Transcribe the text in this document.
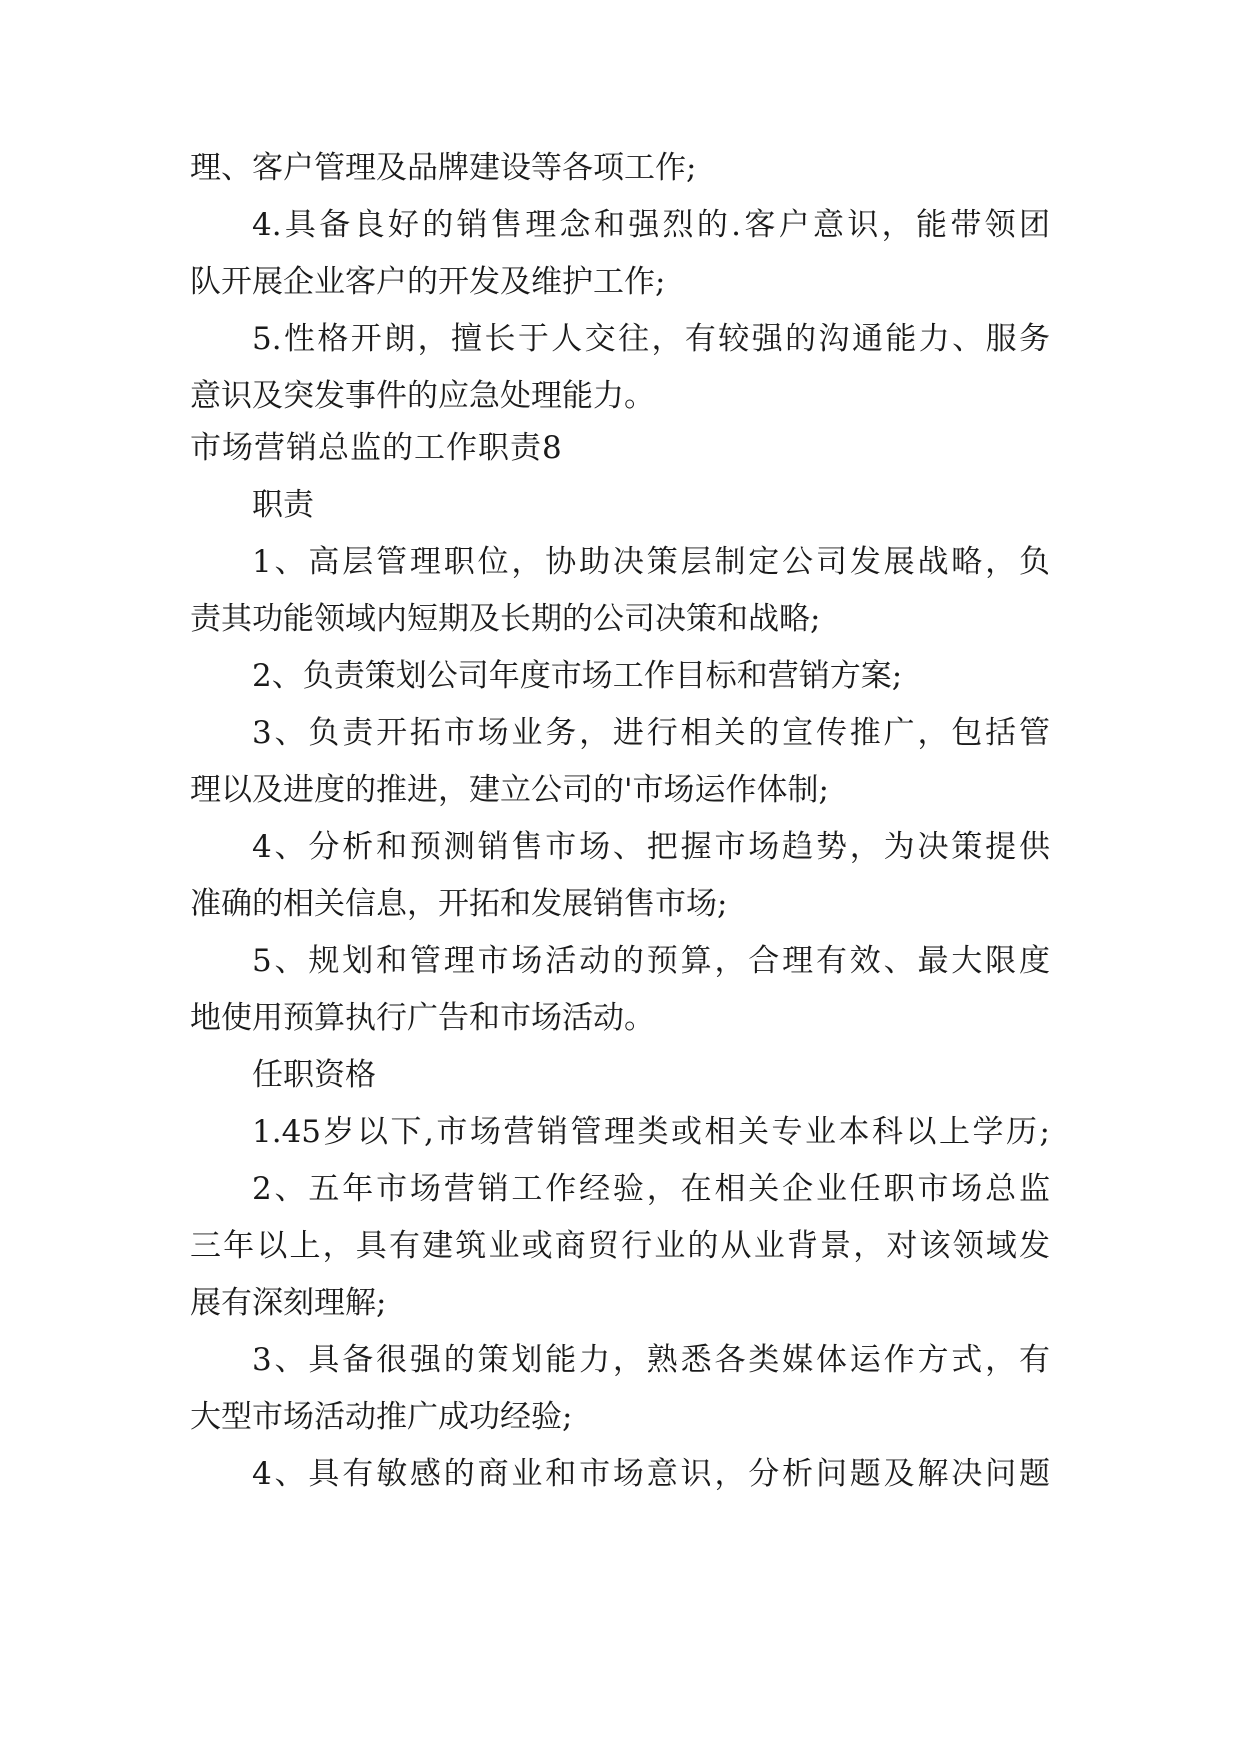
理、客户管理及品牌建设等各项工作;
4.具备良好的销售理念和强烈的.客户意识，能带领团
队开展企业客户的开发及维护工作;
5.性格开朗，擅长于人交往，有较强的沟通能力、服务
意识及突发事件的应急处理能力。
市场营销总监的工作职责8
职责
1、高层管理职位，协助决策层制定公司发展战略，负
责其功能领域内短期及长期的公司决策和战略;
2、负责策划公司年度市场工作目标和营销方案;
3、负责开拓市场业务，进行相关的宣传推广，包括管
理以及进度的推进，建立公司的'市场运作体制;
4、分析和预测销售市场、把握市场趋势，为决策提供
准确的相关信息，开拓和发展销售市场;
5、规划和管理市场活动的预算，合理有效、最大限度
地使用预算执行广告和市场活动。
任职资格
1.45岁以下,市场营销管理类或相关专业本科以上学历;
2、五年市场营销工作经验，在相关企业任职市场总监
三年以上，具有建筑业或商贸行业的从业背景，对该领域发
展有深刻理解;
3、具备很强的策划能力，熟悉各类媒体运作方式，有
大型市场活动推广成功经验;
4、具有敏感的商业和市场意识，分析问题及解决问题
